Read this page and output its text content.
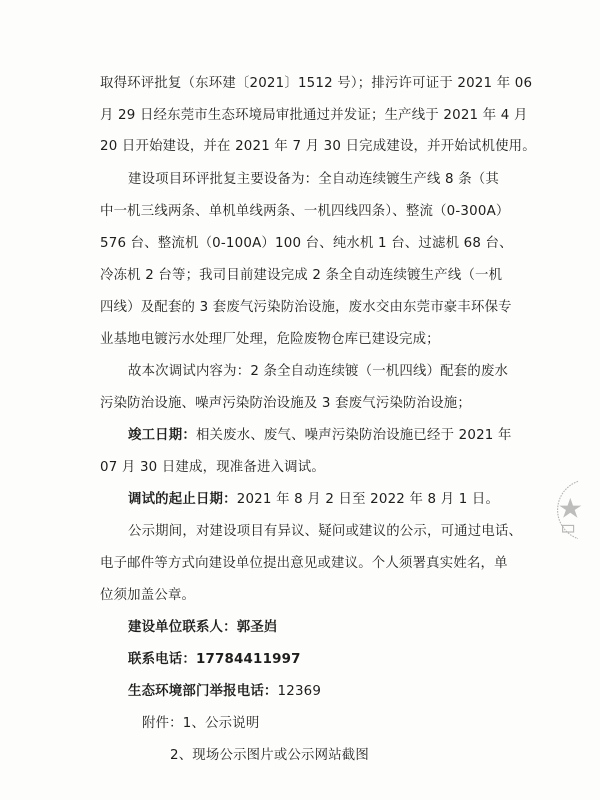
取得环评批复（东环建〔2021〕1512 号）；排污许可证于 2021 年 06
月 29 日经东莞市生态环境局审批通过并发证；生产线于 2021 年 4 月
20 日开始建设，并在 2021 年 7 月 30 日完成建设，并开始试机使用。
建设项目环评批复主要设备为：全自动连续镀生产线 8 条（其
中一机三线两条、单机单线两条、一机四线四条）、整流（0-300A）
576 台、整流机（0-100A）100 台、纯水机 1 台、过滤机 68 台、
冷冻机 2 台等；我司目前建设完成 2 条全自动连续镀生产线（一机
四线）及配套的 3 套废气污染防治设施，废水交由东莞市豪丰环保专
业基地电镀污水处理厂处理，危险废物仓库已建设完成；
故本次调试内容为：2 条全自动连续镀（一机四线）配套的废水
污染防治设施、噪声污染防治设施及 3 套废气污染防治设施；
竣工日期：相关废水、废气、噪声污染防治设施已经于 2021 年
07 月 30 日建成，现准备进入调试。
调试的起止日期：2021 年 8 月 2 日至 2022 年 8 月 1 日。
公示期间，对建设项目有异议、疑问或建议的公示，可通过电话、
电子邮件等方式向建设单位提出意见或建议。个人须署真实姓名，单
位须加盖公章。
建设单位联系人：郭圣岿
联系电话：17784411997
生态环境部门举报电话：12369
附件：1、公示说明
2、现场公示图片或公示网站截图
